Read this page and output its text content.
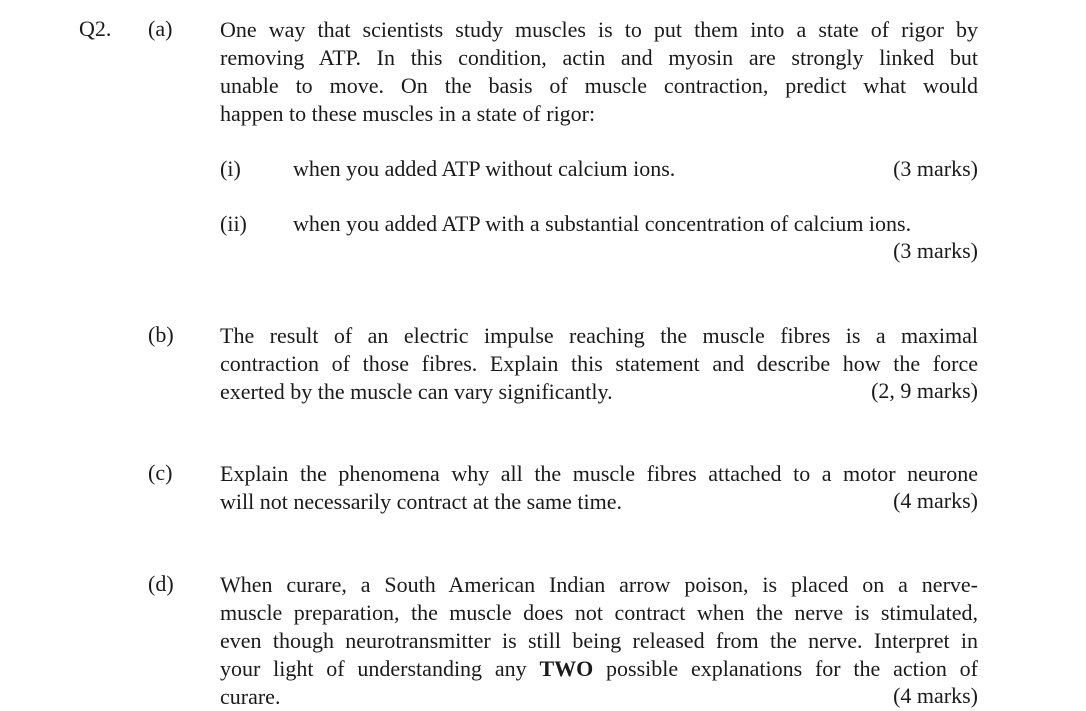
Q2. (a) One way that scientists study muscles is to put them into a state of rigor by
removing ATP. In this condition, actin and myosin are strongly linked but
unable to move. On the basis of muscle contraction, predict what would
happen to these muscles in a state of rigor:
(i) when you added ATP without calcium ions.	(3 marks)
(ii) when you added ATP with a substantial concentration of calcium ions.
(3 marks)
(b) The result of an electric impulse reaching the muscle fibres is a maximal
contraction of those fibres. Explain this statement and describe how the force
exerted by the muscle can vary significantly.	(2, 9 marks)
(c) Explain the phenomena why all the muscle fibres attached to a motor neurone
will not necessarily contract at the same time.	(4 marks)
(d) When curare, a South American Indian arrow poison, is placed on a nerve-
muscle preparation, the muscle does not contract when the nerve is stimulated,
even though neurotransmitter is still being released from the nerve. Interpret in
your light of understanding any TWO possible explanations for the action of
curare.	(4 marks)
